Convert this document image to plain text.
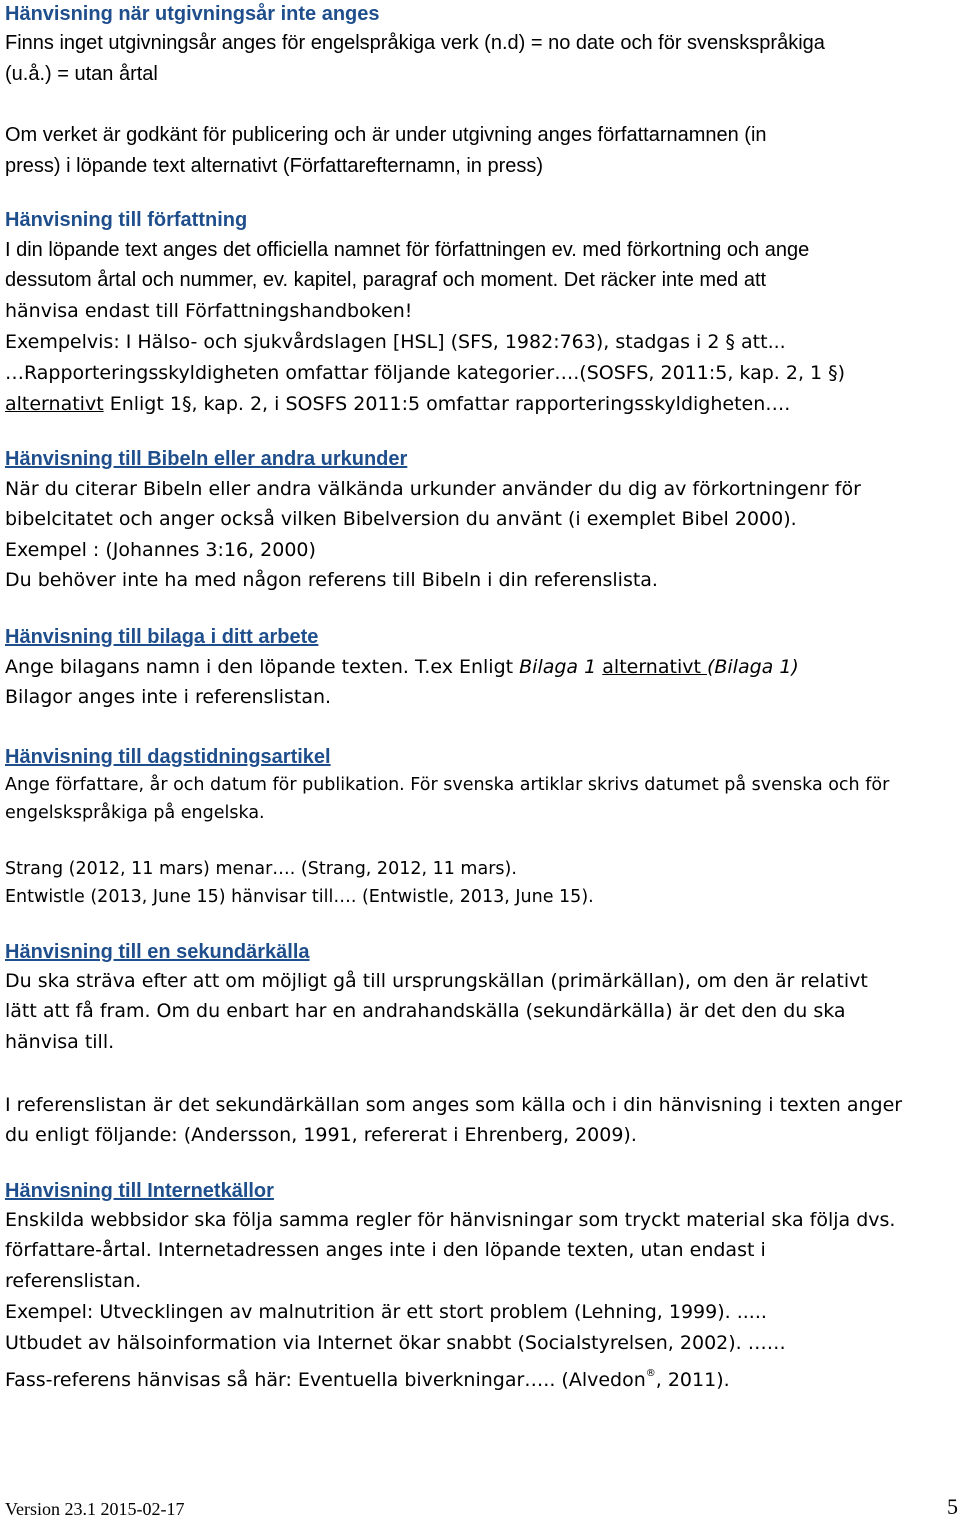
Hänvisning när utgivningsår inte anges
Finns inget utgivningsår anges för engelspråkiga verk (n.d) = no date och för svenskspråkiga
(u.å.) = utan årtal
Om verket är godkänt för publicering och är under utgivning anges författarnamnen (in
press) i löpande text alternativt (Författarefternamn, in press)
Hänvisning till författning
I din löpande text anges det officiella namnet för författningen ev. med förkortning och ange
dessutom årtal och nummer, ev. kapitel, paragraf och moment. Det räcker inte med att
hänvisa endast till Författningshandboken!
Exempelvis: I Hälso- och sjukvårdslagen [HSL] (SFS, 1982:763), stadgas i 2 § att...
…Rapporteringsskyldigheten omfattar följande kategorier….(SOSFS, 2011:5, kap. 2, 1 §)
alternativt Enligt 1§, kap. 2, i SOSFS 2011:5 omfattar rapporteringsskyldigheten….
Hänvisning till Bibeln eller andra urkunder
När du citerar Bibeln eller andra välkända urkunder använder du dig av förkortningenr för
bibelcitatet och anger också vilken Bibelversion du använt (i exemplet Bibel 2000).
Exempel : (Johannes 3:16, 2000)
Du behöver inte ha med någon referens till Bibeln i din referenslista.
Hänvisning till bilaga i ditt arbete
Ange bilagans namn i den löpande texten. T.ex Enligt Bilaga 1 alternativt (Bilaga 1)
Bilagor anges inte i referenslistan.
Hänvisning till dagstidningsartikel
Ange författare, år och datum för publikation. För svenska artiklar skrivs datumet på svenska och för
engelskspråkiga på engelska.
Strang (2012, 11 mars) menar…. (Strang, 2012, 11 mars).
Entwistle (2013, June 15) hänvisar till…. (Entwistle, 2013, June 15).
Hänvisning till en sekundärkälla
Du ska sträva efter att om möjligt gå till ursprungskällan (primärkällan), om den är relativt
lätt att få fram. Om du enbart har en andrahandskälla (sekundärkälla) är det den du ska
hänvisa till.
I referenslistan är det sekundärkällan som anges som källa och i din hänvisning i texten anger
du enligt följande: (Andersson, 1991, refererat i Ehrenberg, 2009).
Hänvisning till Internetkällor
Enskilda webbsidor ska följa samma regler för hänvisningar som tryckt material ska följa dvs.
författare-årtal. Internetadressen anges inte i den löpande texten, utan endast i
referenslistan.
Exempel: Utvecklingen av malnutrition är ett stort problem (Lehning, 1999). .....
Utbudet av hälsoinformation via Internet ökar snabbt (Socialstyrelsen, 2002). ……
Fass-referens hänvisas så här: Eventuella biverkningar….. (Alvedon®, 2011).
Version 23.1 2015-02-17	5
